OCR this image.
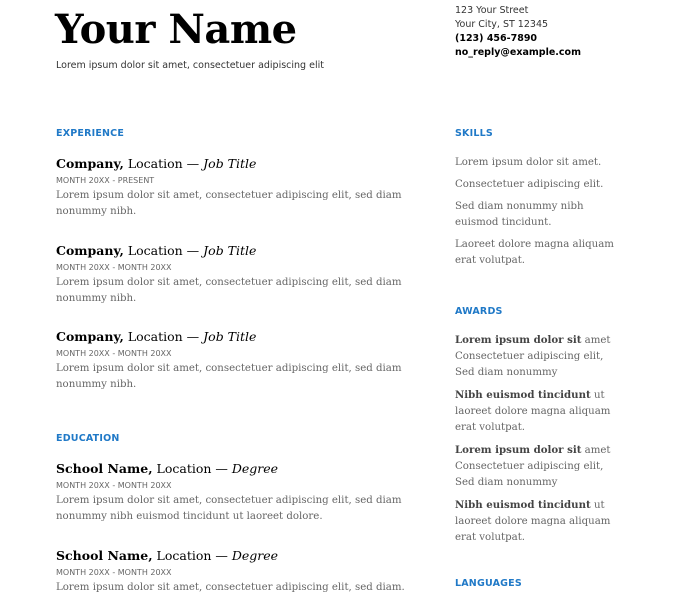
Your Name
Lorem ipsum dolor sit amet, consectetuer adipiscing elit
123 Your Street
Your City, ST 12345
(123) 456-7890
no_reply@example.com
EXPERIENCE
Company, Location — Job Title
MONTH 20XX - PRESENT
Lorem ipsum dolor sit amet, consectetuer adipiscing elit, sed diam nonummy nibh.
Company, Location — Job Title
MONTH 20XX - MONTH 20XX
Lorem ipsum dolor sit amet, consectetuer adipiscing elit, sed diam nonummy nibh.
Company, Location — Job Title
MONTH 20XX - MONTH 20XX
Lorem ipsum dolor sit amet, consectetuer adipiscing elit, sed diam nonummy nibh.
EDUCATION
School Name, Location — Degree
MONTH 20XX - MONTH 20XX
Lorem ipsum dolor sit amet, consectetuer adipiscing elit, sed diam nonummy nibh euismod tincidunt ut laoreet dolore.
School Name, Location — Degree
MONTH 20XX - MONTH 20XX
Lorem ipsum dolor sit amet, consectetuer adipiscing elit, sed diam.
SKILLS
Lorem ipsum dolor sit amet.
Consectetuer adipiscing elit.
Sed diam nonummy nibh euismod tincidunt.
Laoreet dolore magna aliquam erat volutpat.
AWARDS
Lorem ipsum dolor sit amet Consectetuer adipiscing elit, Sed diam nonummy
Nibh euismod tincidunt ut laoreet dolore magna aliquam erat volutpat.
Lorem ipsum dolor sit amet Consectetuer adipiscing elit, Sed diam nonummy
Nibh euismod tincidunt ut laoreet dolore magna aliquam erat volutpat.
LANGUAGES
